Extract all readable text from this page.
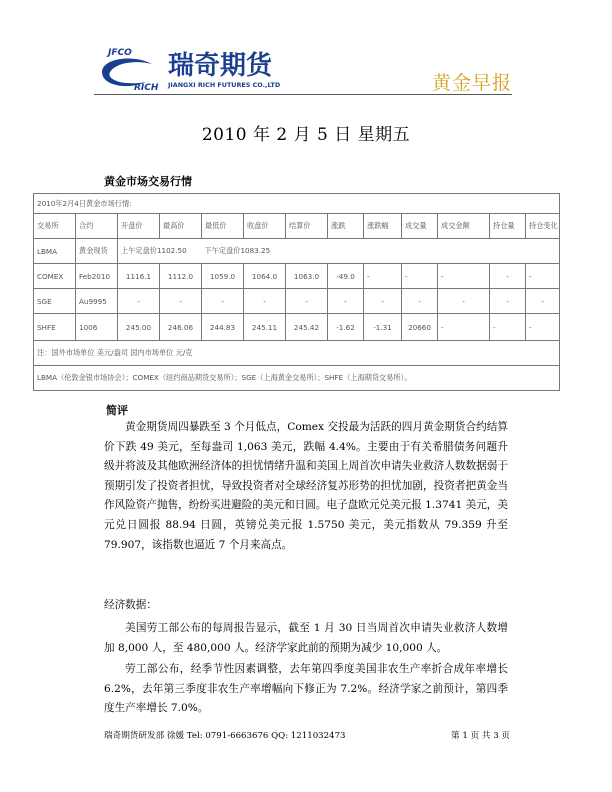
JFCO
RICH
瑞奇期货
JIANGXI RICH FUTURES CO.,LTD	黄金早报
2010 年 2 月 5 日 星期五
黄金市场交易行情
2010年2月4日黄金市场行情:												
交易所	合约	开盘价	最高价	最低价	收盘价	结算价	涨跌	涨跌幅	成交量	成交金额	持仓量	持仓变化
LBMA	黄金现货	上午定盘价1102.50		下午定盘价1083.25								
COMEX	Feb2010	1116.1	1112.0	1059.0	1064.0	1063.0	-49.0	-	-	-	-	-
SGE	Au9995	-	-	-	-	-	-	-	-	-	-	-
SHFE	1006	245.00	246.06	244.83	245.11	245.42	-1.62	-1.31	20660	-	-	-
注：国外市场单位 美元/盎司 国内市场单位 元/克												
LBMA（伦敦金银市场协会）；COMEX（纽约商品期货交易所）；SGE（上海黄金交易所）；SHFE（上海期货交易所）。												
简评
黄金期货周四暴跌至 3 个月低点，Comex 交投最为活跃的四月黄金期货合约结算价下跌 49 美元，至每盎司 1,063 美元，跌幅 4.4%。主要由于有关希腊债务问题升级并将波及其他欧洲经济体的担忧情绪升温和美国上周首次申请失业救济人数数据弱于预期引发了投资者担忧，导致投资者对全球经济复苏形势的担忧加剧，投资者把黄金当作风险资产抛售，纷纷买进避险的美元和日圆。电子盘欧元兑美元报 1.3741 美元，美元兑日圆报 88.94 日圆，英镑兑美元报 1.5750 美元，美元指数从 79.359 升至 79.907，该指数也逼近 7 个月来高点。
经济数据：
美国劳工部公布的每周报告显示，截至 1 月 30 日当周首次申请失业救济人数增加 8,000 人，至 480,000 人。经济学家此前的预期为减少 10,000 人。
劳工部公布，经季节性因素调整，去年第四季度美国非农生产率折合成年率增长 6.2%，去年第三季度非农生产率增幅向下修正为 7.2%。经济学家之前预计，第四季度生产率增长 7.0%。
瑞奇期货研发部 徐媛 Tel: 0791-6663676 QQ: 1211032473	第 1 页 共 3 页
